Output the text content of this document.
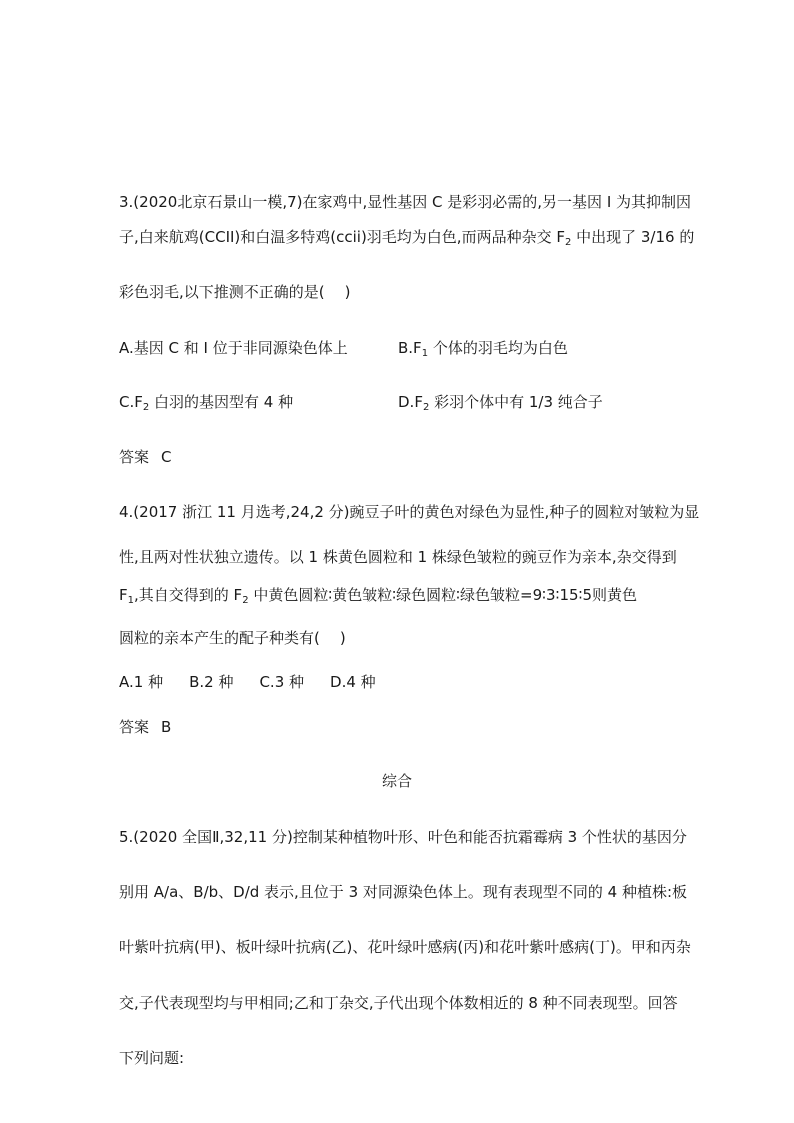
3.(2020北京石景山一模,7)在家鸡中,显性基因 C 是彩羽必需的,另一基因 I 为其抑制因
子,白来航鸡(CCII)和白温多特鸡(ccii)羽毛均为白色,而两品种杂交 $F_2$ 中出现了 3/16 的
彩色羽毛,以下推测不正确的是( )
A.基因 C 和 I 位于非同源染色体上	$B.F_1$ 个体的羽毛均为白色
$C.F_2$ 白羽的基因型有 4 种	$D.F_2$ 彩羽个体中有 1/3 纯合子
答案 C
4.(2017 浙江 11 月选考,24,2 分)豌豆子叶的黄色对绿色为显性,种子的圆粒对皱粒为显
性,且两对性状独立遗传。以 1 株黄色圆粒和 1 株绿色皱粒的豌豆作为亲本,杂交得到
$F_1$,其自交得到的 $F_2$ 中黄色圆粒∶黄色皱粒∶绿色圆粒∶绿色皱粒=9∶3∶15∶5则黄色
圆粒的亲本产生的配子种类有( )
A.1 种 B.2 种 C.3 种 D.4 种
答案 B
综合
5.(2020 全国Ⅱ,32,11 分)控制某种植物叶形、叶色和能否抗霜霉病 3 个性状的基因分
别用 A/a、B/b、D/d 表示,且位于 3 对同源染色体上。现有表现型不同的 4 种植株:板
叶紫叶抗病(甲)、板叶绿叶抗病(乙)、花叶绿叶感病(丙)和花叶紫叶感病(丁)。甲和丙杂
交,子代表现型均与甲相同;乙和丁杂交,子代出现个体数相近的 8 种不同表现型。回答
下列问题:
